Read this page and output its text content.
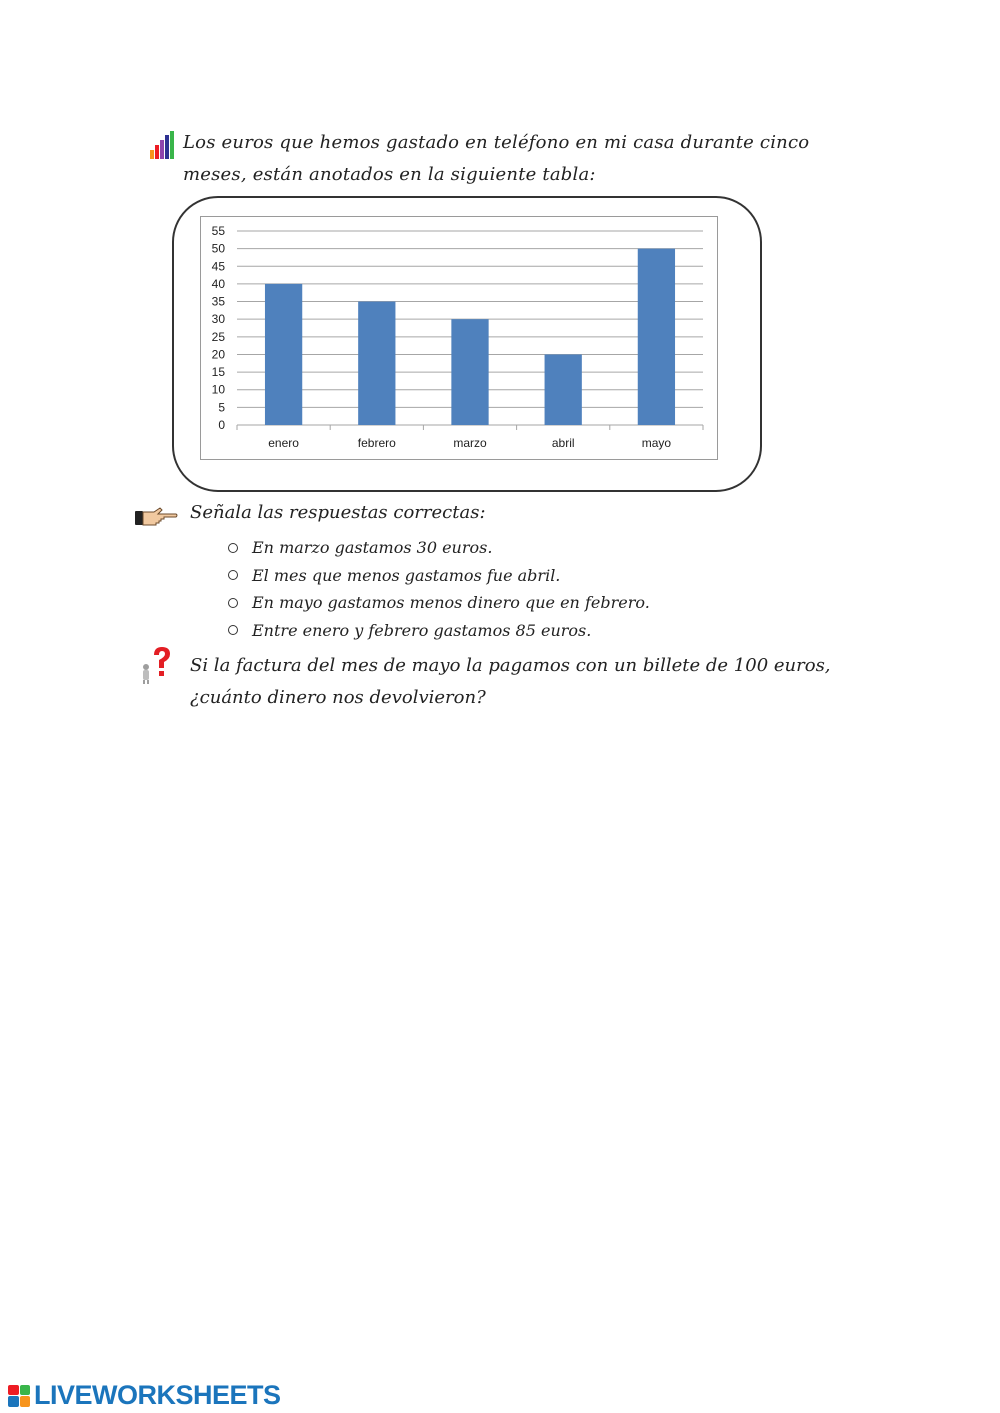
Los euros que hemos gastado en teléfono en mi casa durante cinco
meses, están anotados en la siguiente tabla:
0
5
10
15
20
25
30
35
40
45
50
55
enero	febrero	marzo	abril	mayo
Señala las respuestas correctas:
En marzo gastamos 30 euros.
El mes que menos gastamos fue abril.
En mayo gastamos menos dinero que en febrero.
Entre enero y febrero gastamos 85 euros.
Si la factura del mes de mayo la pagamos con un billete de 100 euros,
¿cuánto dinero nos devolvieron?
LIVEWORKSHEETS
